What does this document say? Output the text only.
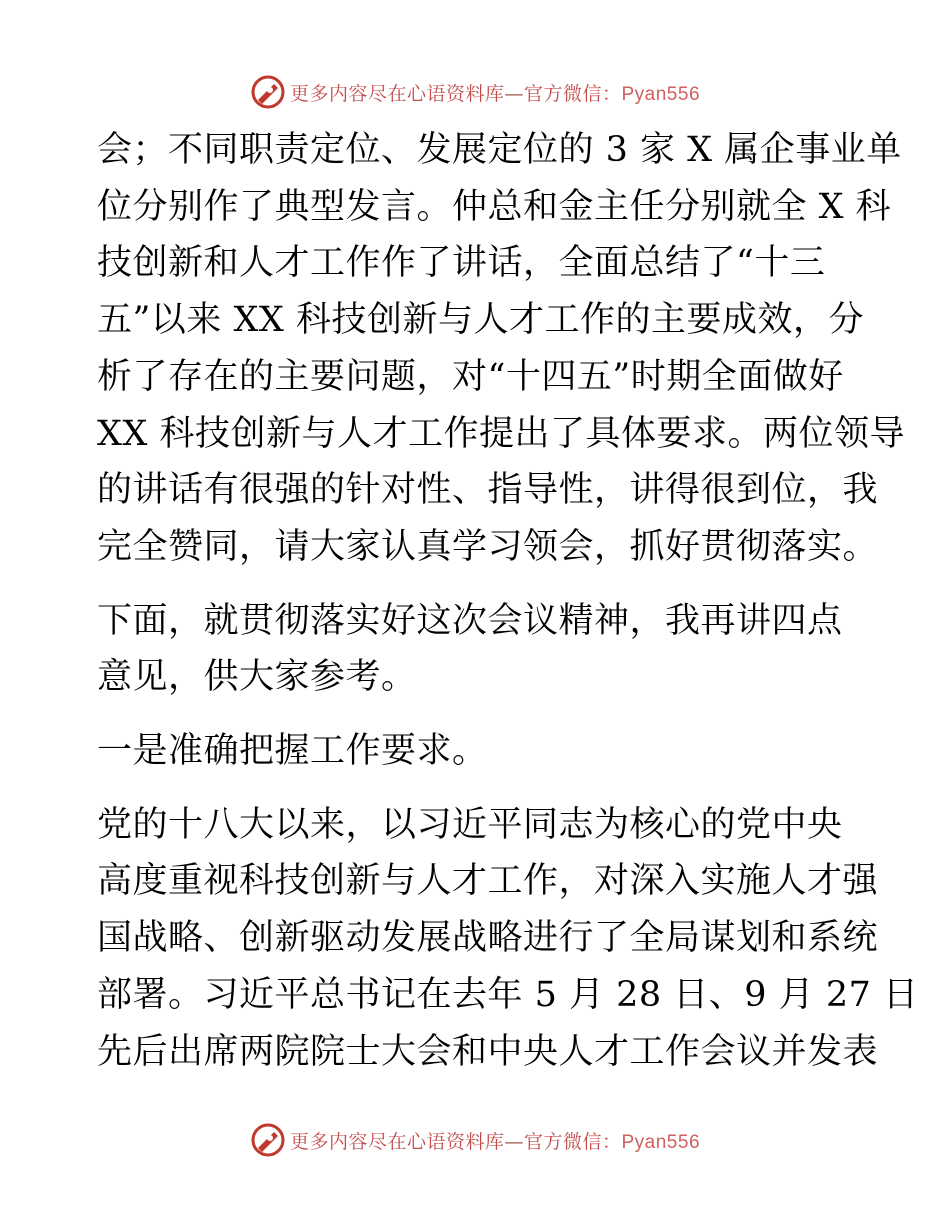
更多内容尽在心语资料库—官方微信：Pyan556

会；不同职责定位、发展定位的 3 家 X 属企事业单
位分别作了典型发言。仲总和金主任分别就全 X 科
技创新和人才工作作了讲话，全面总结了“十三
五”以来 XX 科技创新与人才工作的主要成效，分
析了存在的主要问题，对“十四五”时期全面做好
XX 科技创新与人才工作提出了具体要求。两位领导
的讲话有很强的针对性、指导性，讲得很到位，我
完全赞同，请大家认真学习领会，抓好贯彻落实。

下面，就贯彻落实好这次会议精神，我再讲四点
意见，供大家参考。

一是准确把握工作要求。

党的十八大以来，以习近平同志为核心的党中央
高度重视科技创新与人才工作，对深入实施人才强
国战略、创新驱动发展战略进行了全局谋划和系统
部署。习近平总书记在去年 5 月 28 日、9 月 27 日
先后出席两院院士大会和中央人才工作会议并发表

更多内容尽在心语资料库—官方微信：Pyan556
